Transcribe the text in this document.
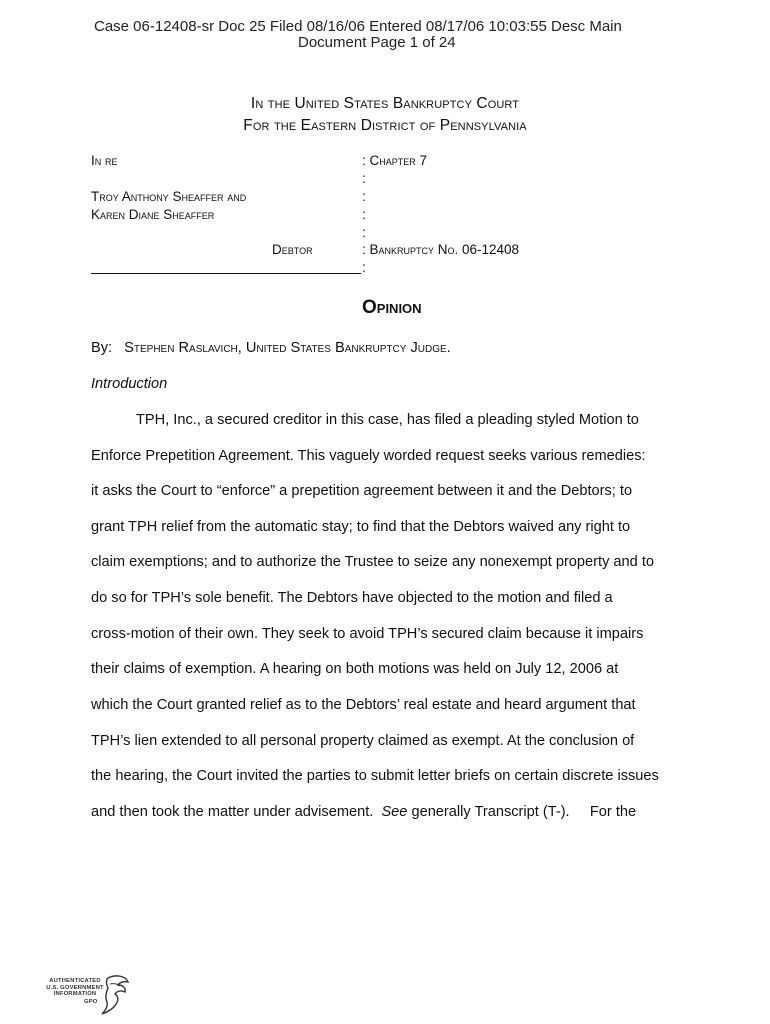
Case 06-12408-sr Doc 25 Filed 08/16/06 Entered 08/17/06 10:03:55 Desc Main
Document Page 1 of 24
In the United States Bankruptcy Court
For the Eastern District of Pennsylvania
In re
Troy Anthony Sheaffer and
Karen Diane Sheaffer
Debtor
: Chapter 7
:
:
:
:
: Bankruptcy No. 06-12408
:
Opinion
By: Stephen Raslavich, United States Bankruptcy Judge.
Introduction
TPH, Inc., a secured creditor in this case, has filed a pleading styled Motion to
Enforce Prepetition Agreement. This vaguely worded request seeks various remedies:
it asks the Court to “enforce” a prepetition agreement between it and the Debtors; to
grant TPH relief from the automatic stay; to find that the Debtors waived any right to
claim exemptions; and to authorize the Trustee to seize any nonexempt property and to
do so for TPH’s sole benefit. The Debtors have objected to the motion and filed a
cross-motion of their own. They seek to avoid TPH’s secured claim because it impairs
their claims of exemption. A hearing on both motions was held on July 12, 2006 at
which the Court granted relief as to the Debtors’ real estate and heard argument that
TPH’s lien extended to all personal property claimed as exempt. At the conclusion of
the hearing, the Court invited the parties to submit letter briefs on certain discrete issues
and then took the matter under advisement.  See generally Transcript (T-).     For the
AUTHENTICATED
U.S. GOVERNMENT
INFORMATION
GPO
